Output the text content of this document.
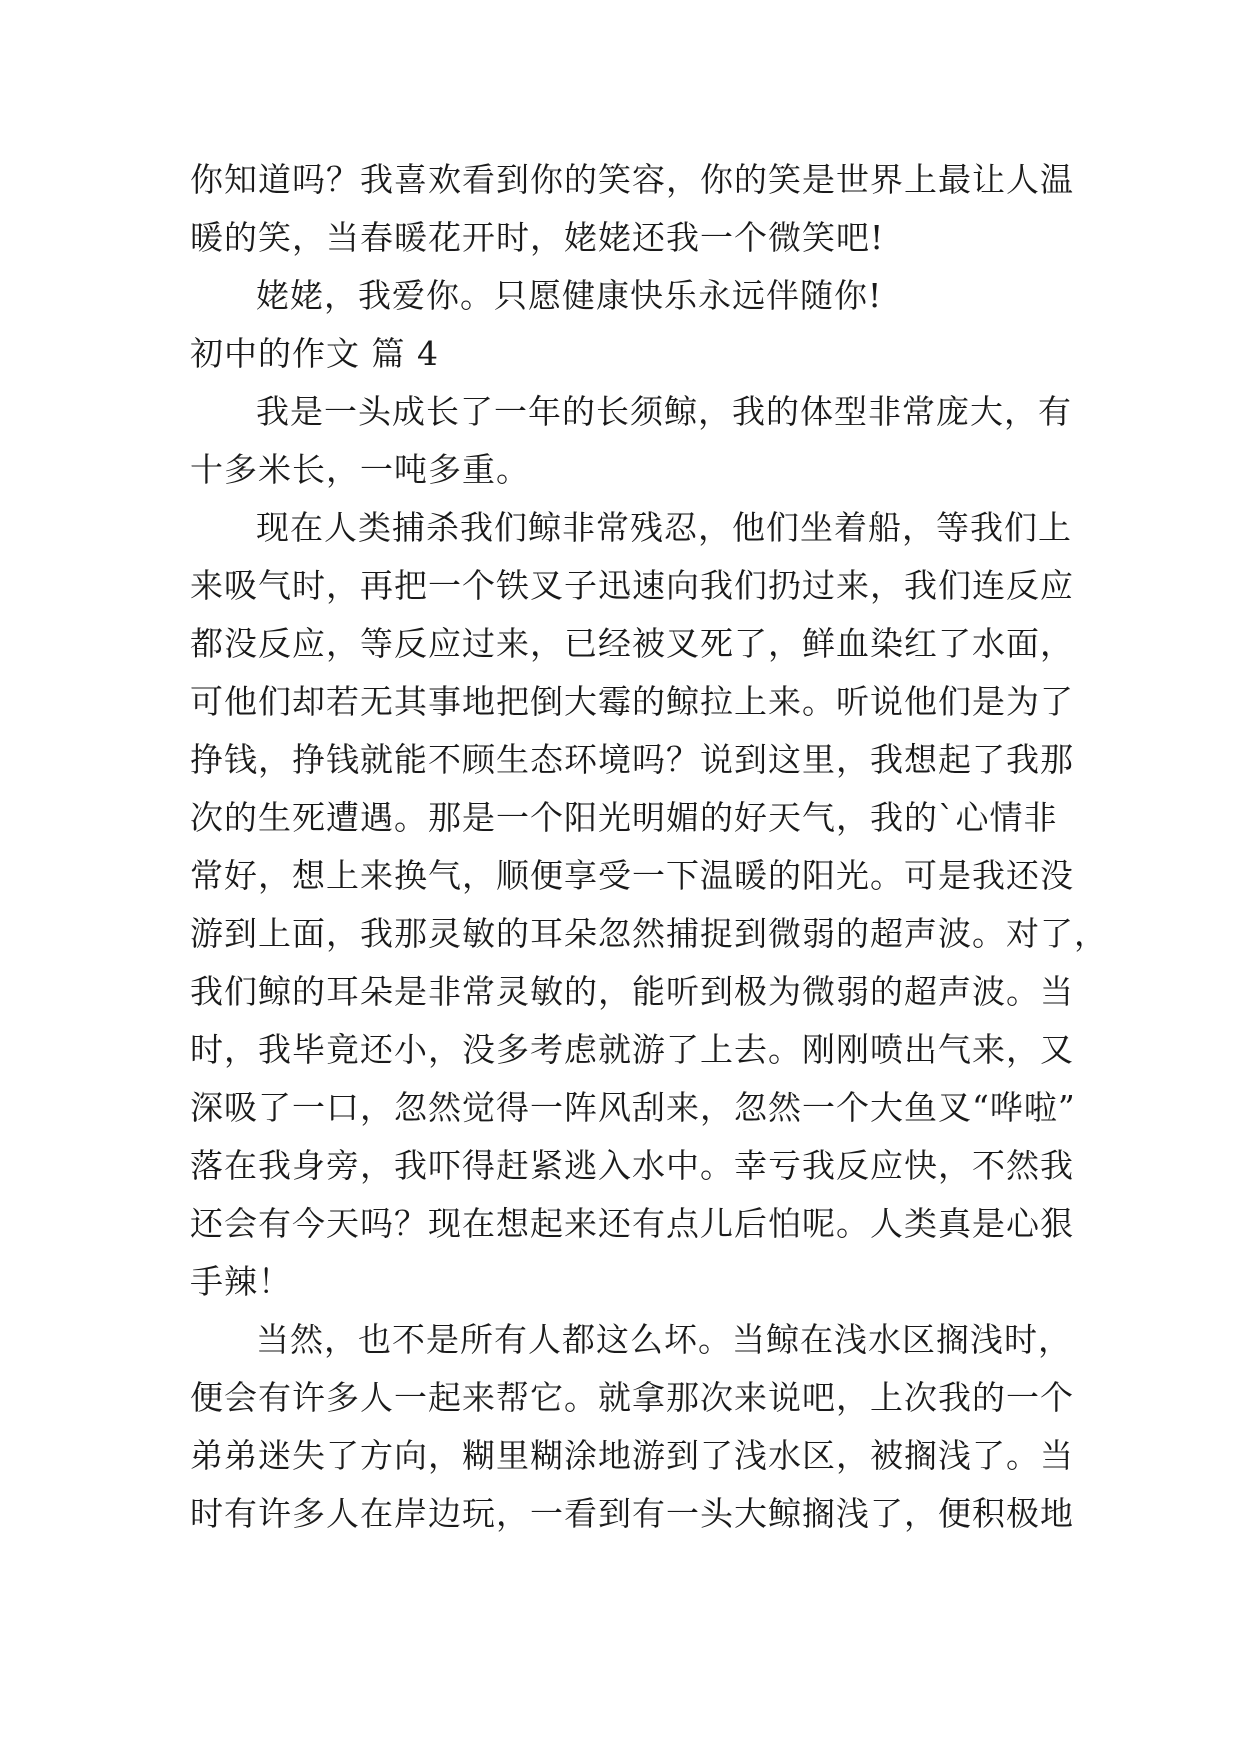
你知道吗？我喜欢看到你的笑容，你的笑是世界上最让人温
暖的笑，当春暖花开时，姥姥还我一个微笑吧!
姥姥，我爱你。只愿健康快乐永远伴随你!
初中的作文 篇 4
我是一头成长了一年的长须鲸，我的体型非常庞大，有
十多米长，一吨多重。
现在人类捕杀我们鲸非常残忍，他们坐着船，等我们上
来吸气时，再把一个铁叉子迅速向我们扔过来，我们连反应
都没反应，等反应过来，已经被叉死了，鲜血染红了水面，
可他们却若无其事地把倒大霉的鲸拉上来。听说他们是为了
挣钱，挣钱就能不顾生态环境吗？说到这里，我想起了我那
次的生死遭遇。那是一个阳光明媚的好天气，我的`心情非
常好，想上来换气，顺便享受一下温暖的阳光。可是我还没
游到上面，我那灵敏的耳朵忽然捕捉到微弱的超声波。对了，
我们鲸的耳朵是非常灵敏的，能听到极为微弱的超声波。当
时，我毕竟还小，没多考虑就游了上去。刚刚喷出气来，又
深吸了一口，忽然觉得一阵风刮来，忽然一个大鱼叉“哗啦”
落在我身旁，我吓得赶紧逃入水中。幸亏我反应快，不然我
还会有今天吗？现在想起来还有点儿后怕呢。人类真是心狠
手辣！
当然，也不是所有人都这么坏。当鲸在浅水区搁浅时，
便会有许多人一起来帮它。就拿那次来说吧，上次我的一个
弟弟迷失了方向，糊里糊涂地游到了浅水区，被搁浅了。当
时有许多人在岸边玩，一看到有一头大鲸搁浅了，便积极地
